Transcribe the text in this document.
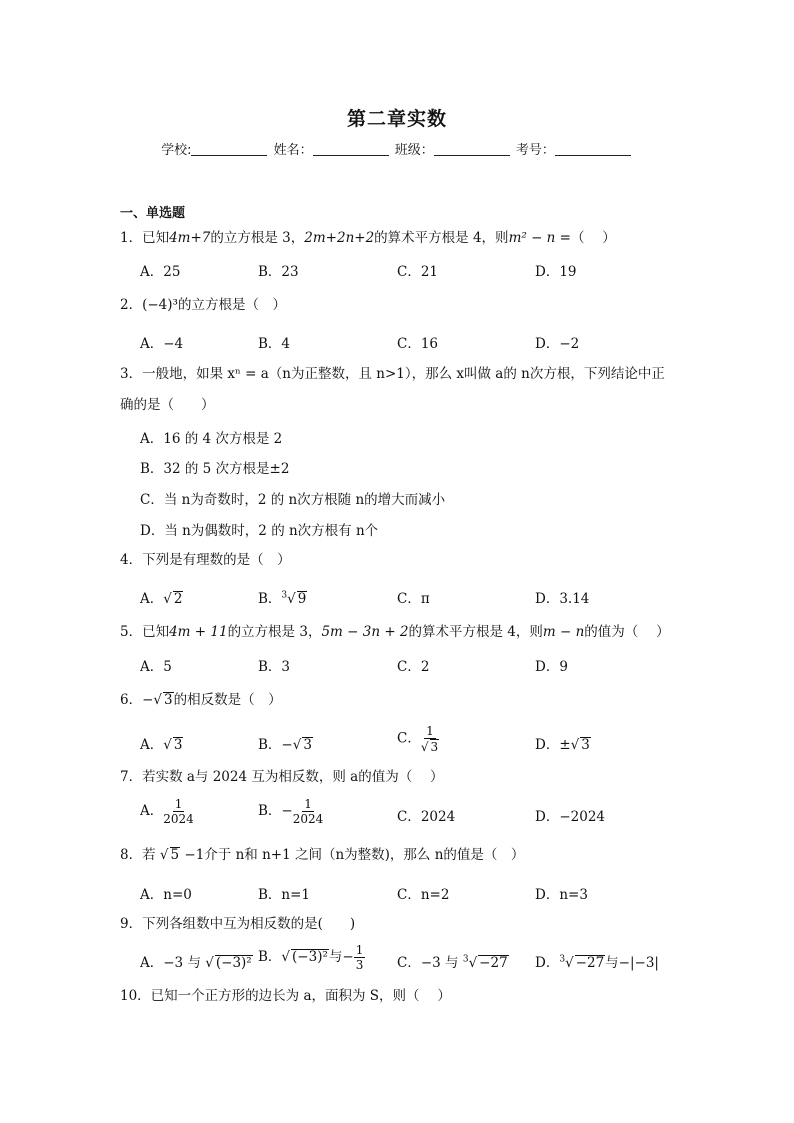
第二章实数
学校:	姓名：	班级：	考号：
一、单选题
1．已知4m+7的立方根是 3，2m+2n+2的算术平方根是 4，则m² − n =（　 ）
A．25	B．23	C．21	D．19
2．(−4)³的立方根是（　）
A．−4	B．4	C．16	D．−2
3．一般地，如果 xⁿ = a（n为正整数，且 n>1），那么 x叫做 a的 n次方根，下列结论中正
确的是（　　）
A．16 的 4 次方根是 2
B．32 的 5 次方根是±2
C．当 n为奇数时，2 的 n次方根随 n的增大而减小
D．当 n为偶数时，2 的 n次方根有 n个
4．下列是有理数的是（　）
A．√ 2	B．$^3$√ 9	C．π	D．3.14
5．已知4m + 11的立方根是 3，5m − 3n + 2的算术平方根是 4，则m − n的值为（　 ）
A．5	B．3	C．2	D．9
6．−√ 3的相反数是（　）
A．√ 3	B．−√ 3	C． $\frac{1}{√ 3}$	D．±√ 3
7．若实数 a与 2024 互为相反数，则 a的值为（　 ）
A． $\frac{1}{2024}$	B．− $\frac{1}{2024}$	C．2024	D．−2024
8．若 √ 5 −1介于 n和 n+1 之间（n为整数)，那么 n的值是（　）
A．n=0	B．n=1	C．n=2	D．n=3
9．下列各组数中互为相反数的是(　　)
A．−3 与 √ (−3)² B．√ (−3)²与− $\frac{1}{3}$ C．−3 与 $^3$√ −27 D．$^3$√ −27与−|−3|
10．已知一个正方形的边长为 a，面积为 S，则（　 ）
